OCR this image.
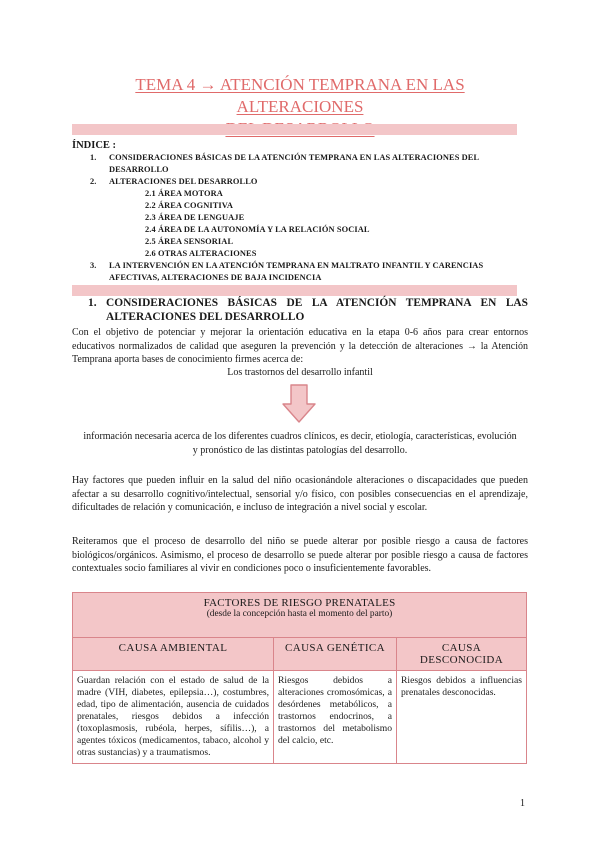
TEMA 4 → ATENCIÓN TEMPRANA EN LAS ALTERACIONES
ÍNDICE :
1.	CONSIDERACIONES BÁSICAS DE LA ATENCIÓN TEMPRANA EN LAS ALTERACIONES DEL
DESARROLLO
2.	ALTERACIONES DEL DESARROLLO
2.1 ÁREA MOTORA
2.2 ÁREA COGNITIVA
2.3 ÁREA DE LENGUAJE
2.4 ÁREA DE LA AUTONOMÍA Y LA RELACIÓN SOCIAL
2.5 ÁREA SENSORIAL
2.6 OTRAS ALTERACIONES
3.	LA INTERVENCIÓN EN LA ATENCIÓN TEMPRANA EN MALTRATO INFANTIL Y CARENCIAS
AFECTIVAS, ALTERACIONES DE BAJA INCIDENCIA
1. CONSIDERACIONES BÁSICAS DE LA ATENCIÓN TEMPRANA EN LAS ALTERACIONES DEL DESARROLLO
Con el objetivo de potenciar y mejorar la orientación educativa en la etapa 0-6 años para crear entornos educativos normalizados de calidad que aseguren la prevención y la detección de alteraciones → la Atención Temprana aporta bases de conocimiento firmes acerca de:
Los trastornos del desarrollo infantil
información necesaria acerca de los diferentes cuadros clínicos, es decir, etiología, características, evolución y pronóstico de las distintas patologías del desarrollo.
Hay factores que pueden influir en la salud del niño ocasionándole alteraciones o discapacidades que pueden afectar a su desarrollo cognitivo/intelectual, sensorial y/o físico, con posibles consecuencias en el aprendizaje, dificultades de relación y comunicación, e incluso de integración a nivel social y escolar.
Reiteramos que el proceso de desarrollo del niño se puede alterar por posible riesgo a causa de factores biológicos/orgánicos. Asimismo, el proceso de desarrollo se puede alterar por posible riesgo a causa de factores contextuales socio familiares al vivir en condiciones poco o insuficientemente favorables.
FACTORES DE RIESGO PRENATALES
(desde la concepción hasta el momento del parto)		

CAUSA AMBIENTAL	CAUSA GENÉTICA	CAUSA DESCONOCIDA
Guardan relación con el estado de salud de la madre (VIH, diabetes, epilepsia…), costumbres, edad, tipo de alimentación, ausencia de cuidados prenatales, riesgos debidos a infección (toxoplasmosis, rubéola, herpes, sífilis…), a agentes tóxicos (medicamentos, tabaco, alcohol y otras sustancias) y a traumatismos.	Riesgos debidos a alteraciones cromosómicas, a desórdenes metabólicos, a trastornos endocrinos, a trastornos del metabolismo del calcio, etc.	Riesgos debidos a influencias prenatales desconocidas.
1
